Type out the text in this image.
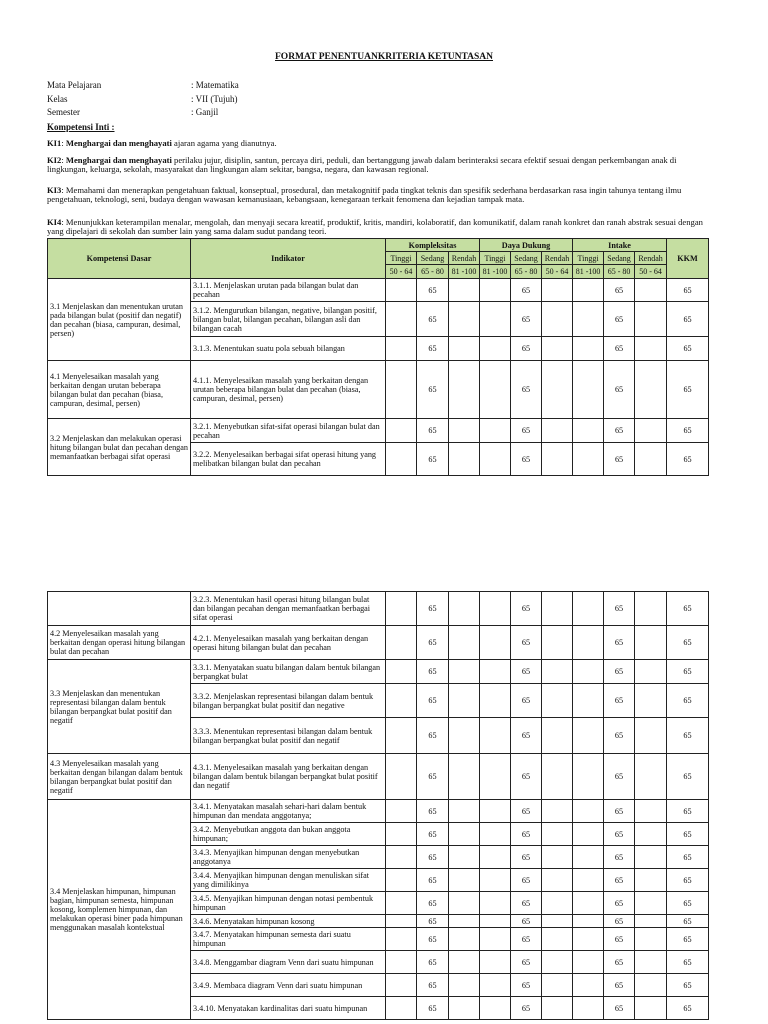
FORMAT PENENTUANKRITERIA KETUNTASAN
Mata Pelajaran	: Matematika
Kelas	: VII (Tujuh)
Semester	: Ganjil
Kompetensi Inti :
KI1: Menghargai dan menghayati ajaran agama yang dianutnya.
KI2: Menghargai dan menghayati perilaku jujur, disiplin, santun, percaya diri, peduli, dan bertanggung jawab dalam berinteraksi secara efektif sesuai dengan perkembangan anak di lingkungan, keluarga, sekolah, masyarakat dan lingkungan alam sekitar, bangsa, negara, dan kawasan regional.
KI3: Memahami dan menerapkan pengetahuan faktual, konseptual, prosedural, dan metakognitif pada tingkat teknis dan spesifik sederhana berdasarkan rasa ingin tahunya tentang ilmu pengetahuan, teknologi, seni, budaya dengan wawasan kemanusiaan, kebangsaan, kenegaraan terkait fenomena dan kejadian tampak mata.
KI4: Menunjukkan keterampilan menalar, mengolah, dan menyaji secara kreatif, produktif, kritis, mandiri, kolaboratif, dan komunikatif, dalam ranah konkret dan ranah abstrak sesuai dengan yang dipelajari di sekolah dan sumber lain yang sama dalam sudut pandang teori.
Kompetensi Dasar	Indikator	Kompleksitas			Daya Dukung			Intake			KKM
		Tinggi	Sedang	Rendah	Tinggi	Sedang	Rendah	Tinggi	Sedang	Rendah	
		50 - 64	65 - 80	81 -100	81 -100	65 - 80	50 - 64	81 -100	65 - 80	50 - 64	
3.1 Menjelaskan dan menentukan urutan pada bilangan bulat (positif dan negatif) dan pecahan (biasa, campuran, desimal, persen)	3.1.1. Menjelaskan urutan pada bilangan bulat dan pecahan		65			65			65		65
	3.1.2. Mengurutkan bilangan, negative, bilangan positif, bilangan bulat, bilangan pecahan, bilangan asli dan bilangan cacah		65			65			65		65
	3.1.3. Menentukan suatu pola sebuah bilangan		65			65			65		65
4.1 Menyelesaikan masalah yang berkaitan dengan urutan beberapa bilangan bulat dan pecahan (biasa, campuran, desimal, persen)	4.1.1. Menyelesaikan masalah yang berkaitan dengan urutan beberapa bilangan bulat dan pecahan (biasa, campuran, desimal, persen)		65			65			65		65
3.2 Menjelaskan dan melakukan operasi hitung bilangan bulat dan pecahan dengan memanfaatkan berbagai sifat operasi	3.2.1. Menyebutkan sifat-sifat operasi bilangan bulat dan pecahan		65			65			65		65
	3.2.2. Menyelesaikan berbagai sifat operasi hitung yang melibatkan bilangan bulat dan pecahan		65			65			65		65
	3.2.3. Menentukan hasil operasi hitung bilangan bulat dan bilangan pecahan dengan memanfaatkan berbagai sifat operasi		65			65			65		65
4.2 Menyelesaikan masalah yang berkaitan dengan operasi hitung bilangan bulat dan pecahan	4.2.1. Menyelesaikan masalah yang berkaitan dengan operasi hitung bilangan bulat dan pecahan		65			65			65		65
3.3 Menjelaskan dan menentukan representasi bilangan dalam bentuk bilangan berpangkat bulat positif dan negatif	3.3.1. Menyatakan suatu bilangan dalam bentuk bilangan berpangkat bulat		65			65			65		65
	3.3.2. Menjelaskan representasi bilangan dalam bentuk bilangan berpangkat bulat positif dan negative		65			65			65		65
	3.3.3. Menentukan representasi bilangan dalam bentuk bilangan berpangkat bulat positif dan negatif		65			65			65		65
4.3 Menyelesaikan masalah yang berkaitan dengan bilangan dalam bentuk bilangan berpangkat bulat positif dan negatif	4.3.1. Menyelesaikan masalah yang berkaitan dengan bilangan dalam bentuk bilangan berpangkat bulat positif dan negatif		65			65			65		65
3.4 Menjelaskan himpunan, himpunan bagian, himpunan semesta, himpunan kosong, komplemen himpunan, dan melakukan operasi biner pada himpunan menggunakan masalah kontekstual	3.4.1. Menyatakan masalah sehari-hari dalam bentuk himpunan dan mendata anggotanya;		65			65			65		65
	3.4.2. Menyebutkan anggota dan bukan anggota himpunan;		65			65			65		65
	3.4.3. Menyajikan himpunan dengan menyebutkan anggotanya		65			65			65		65
	3.4.4. Menyajikan himpunan dengan menuliskan sifat yang dimilikinya		65			65			65		65
	3.4.5. Menyajikan himpunan dengan notasi pembentuk himpunan		65			65			65		65
	3.4.6. Menyatakan himpunan kosong		65			65			65		65
	3.4.7. Menyatakan himpunan semesta dari suatu himpunan		65			65			65		65
	3.4.8. Menggambar diagram Venn dari suatu himpunan		65			65			65		65
	3.4.9. Membaca diagram Venn dari suatu himpunan		65			65			65		65
	3.4.10. Menyatakan kardinalitas dari suatu himpunan		65			65			65		65
